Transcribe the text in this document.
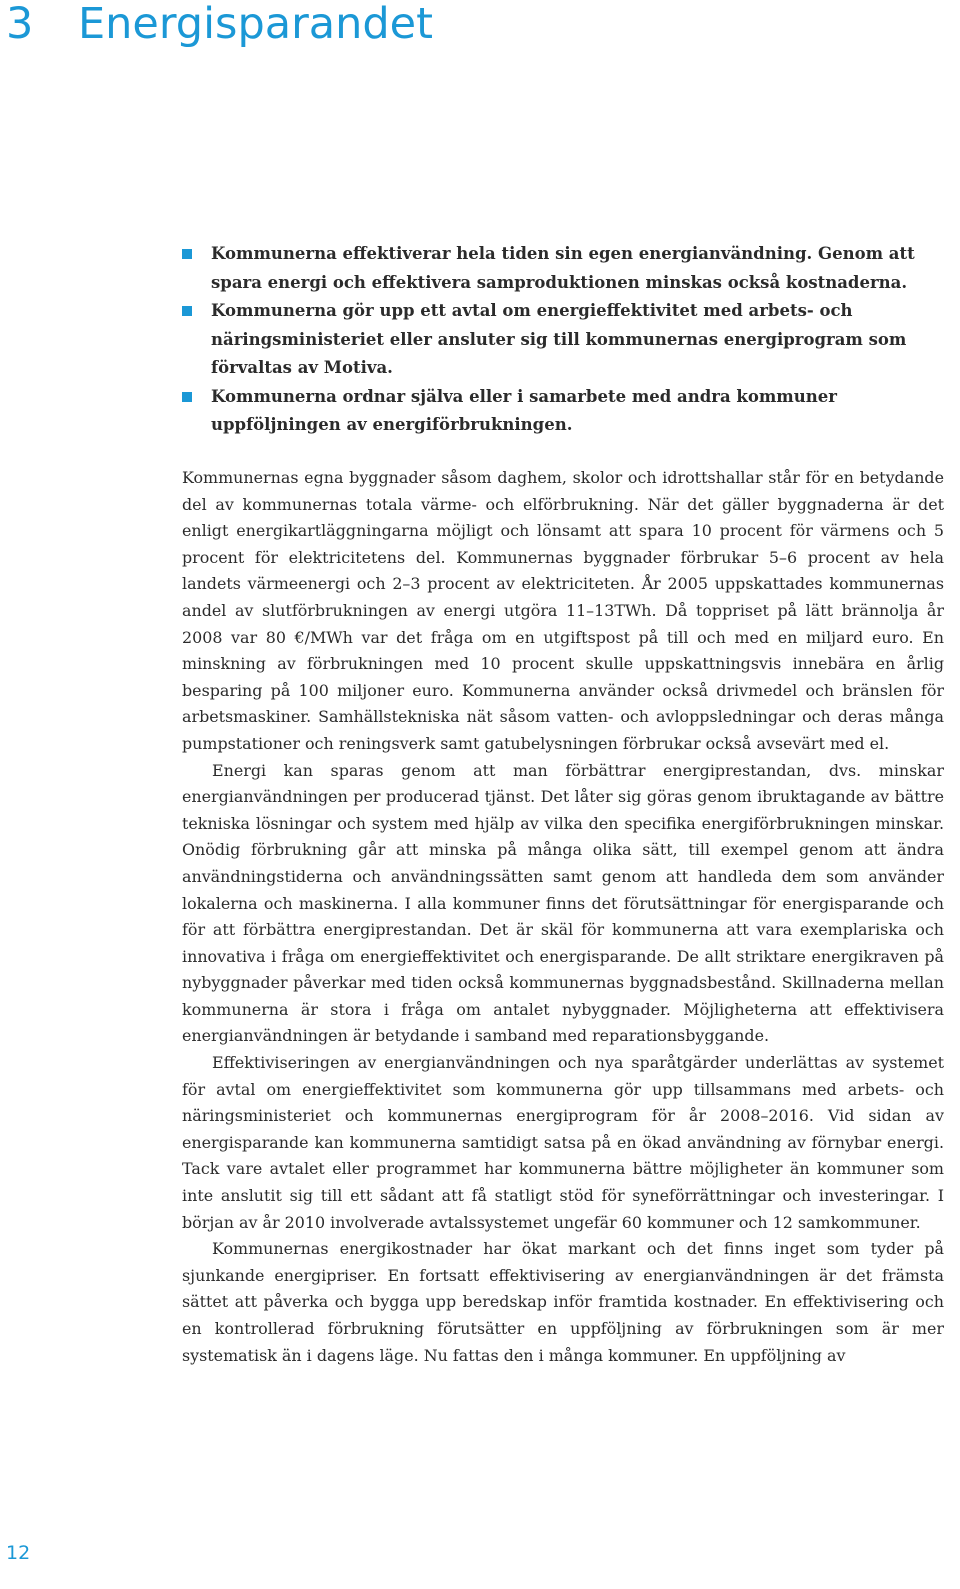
3 Energisparandet
Kommunerna effektiverar hela tiden sin egen energianvändning. Genom att spara energi och effektivera samproduktionen minskas också kostnaderna.
Kommunerna gör upp ett avtal om energieffektivitet med arbets- och näringsministeriet eller ansluter sig till kommunernas energiprogram som förvaltas av Motiva.
Kommunerna ordnar själva eller i samarbete med andra kommuner uppföljningen av energiförbrukningen.

Kommunernas egna byggnader såsom daghem, skolor och idrottshallar står för en betydande del av kommunernas totala värme- och elförbrukning. När det gäller byggnaderna är det enligt energikartläggningarna möjligt och lönsamt att spara 10 procent för värmens och 5 procent för elektricitetens del. Kommunernas byggnader förbrukar 5–6 procent av hela landets värmeenergi och 2–3 procent av elektriciteten. År 2005 uppskattades kommunernas andel av slutförbrukningen av energi utgöra 11–13TWh. Då toppriset på lätt brännolja år 2008 var 80 €/MWh var det fråga om en utgiftspost på till och med en miljard euro. En minskning av förbrukningen med 10 procent skulle uppskattningsvis innebära en årlig besparing på 100 miljoner euro. Kommunerna använder också drivmedel och bränslen för arbetsmaskiner. Samhällstekniska nät såsom vatten- och avloppsledningar och deras många pumpstationer och reningsverk samt gatubelysningen förbrukar också avsevärt med el.

Energi kan sparas genom att man förbättrar energiprestandan, dvs. minskar energianvändningen per producerad tjänst. Det låter sig göras genom ibruktagande av bättre tekniska lösningar och system med hjälp av vilka den specifika energiförbrukningen minskar. Onödig förbrukning går att minska på många olika sätt, till exempel genom att ändra användningstiderna och användningssätten samt genom att handleda dem som använder lokalerna och maskinerna. I alla kommuner finns det förutsättningar för energisparande och för att förbättra energiprestandan. Det är skäl för kommunerna att vara exemplariska och innovativa i fråga om energieffektivitet och energisparande. De allt striktare energikraven på nybyggnader påverkar med tiden också kommunernas byggnadsbestånd. Skillnaderna mellan kommunerna är stora i fråga om antalet nybyggnader. Möjligheterna att effektivisera energianvändningen är betydande i samband med reparationsbyggande.

Effektiviseringen av energianvändningen och nya sparåtgärder underlättas av systemet för avtal om energieffektivitet som kommunerna gör upp tillsammans med arbets- och näringsministeriet och kommunernas energiprogram för år 2008–2016. Vid sidan av energisparande kan kommunerna samtidigt satsa på en ökad användning av förnybar energi. Tack vare avtalet eller programmet har kommunerna bättre möjligheter än kommuner som inte anslutit sig till ett sådant att få statligt stöd för syneförrättningar och investeringar. I början av år 2010 involverade avtalssystemet ungefär 60 kommuner och 12 samkommuner.

Kommunernas energikostnader har ökat markant och det finns inget som tyder på sjunkande energipriser. En fortsatt effektivisering av energianvändningen är det främsta sättet att påverka och bygga upp beredskap inför framtida kostnader. En effektivisering och en kontrollerad förbrukning förutsätter en uppföljning av förbrukningen som är mer systematisk än i dagens läge. Nu fattas den i många kommuner. En uppföljning av

12
